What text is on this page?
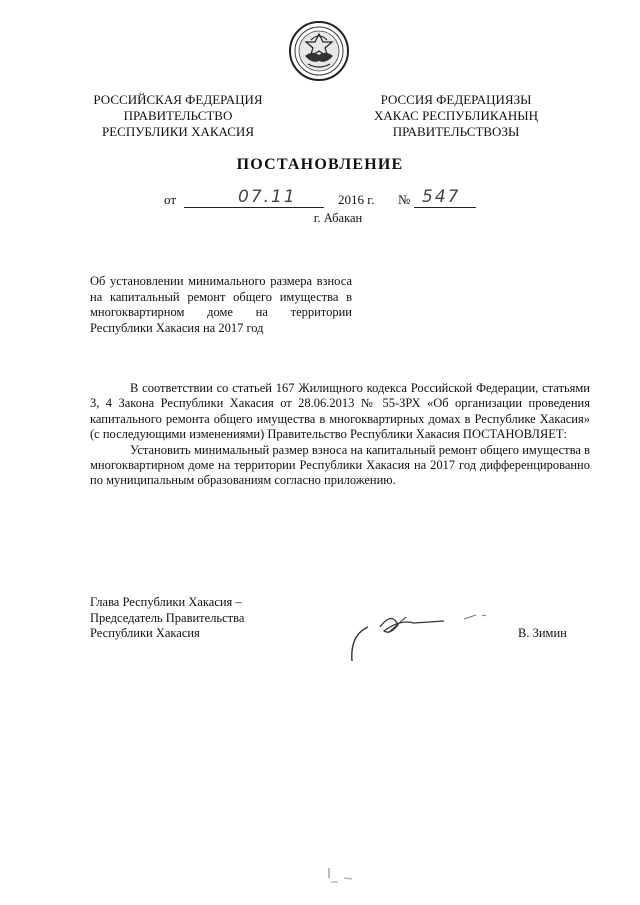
РОССИЙСКАЯ ФЕДЕРАЦИЯ
ПРАВИТЕЛЬСТВО
РЕСПУБЛИКИ ХАКАСИЯ
РОССИЯ ФЕДЕРАЦИЯЗЫ
ХАКАС РЕСПУБЛИКАНЫҢ
ПРАВИТЕЛЬСТВОЗЫ
ПОСТАНОВЛЕНИЕ
от	07.11	2016 г. № 547
г. Абакан
Об установлении минимального размера взноса на капитальный ремонт общего имущества в многоквартирном доме на территории Республики Хакасия на 2017 год

В соответствии со статьей 167 Жилищного кодекса Российской Федерации, статьями 3, 4 Закона Республики Хакасия от 28.06.2013 № 55-ЗРХ «Об организации проведения капитального ремонта общего имущества в многоквартирных домах в Республике Хакасия» (с последующими изменениями) Правительство Республики Хакасия ПОСТАНОВЛЯЕТ:

Установить минимальный размер взноса на капитальный ремонт общего имущества в многоквартирном доме на территории Республики Хакасия на 2017 год дифференцированно по муниципальным образованиям согласно приложению.

Глава Республики Хакасия –
Председатель Правительства
Республики Хакасия	В. Зимин
